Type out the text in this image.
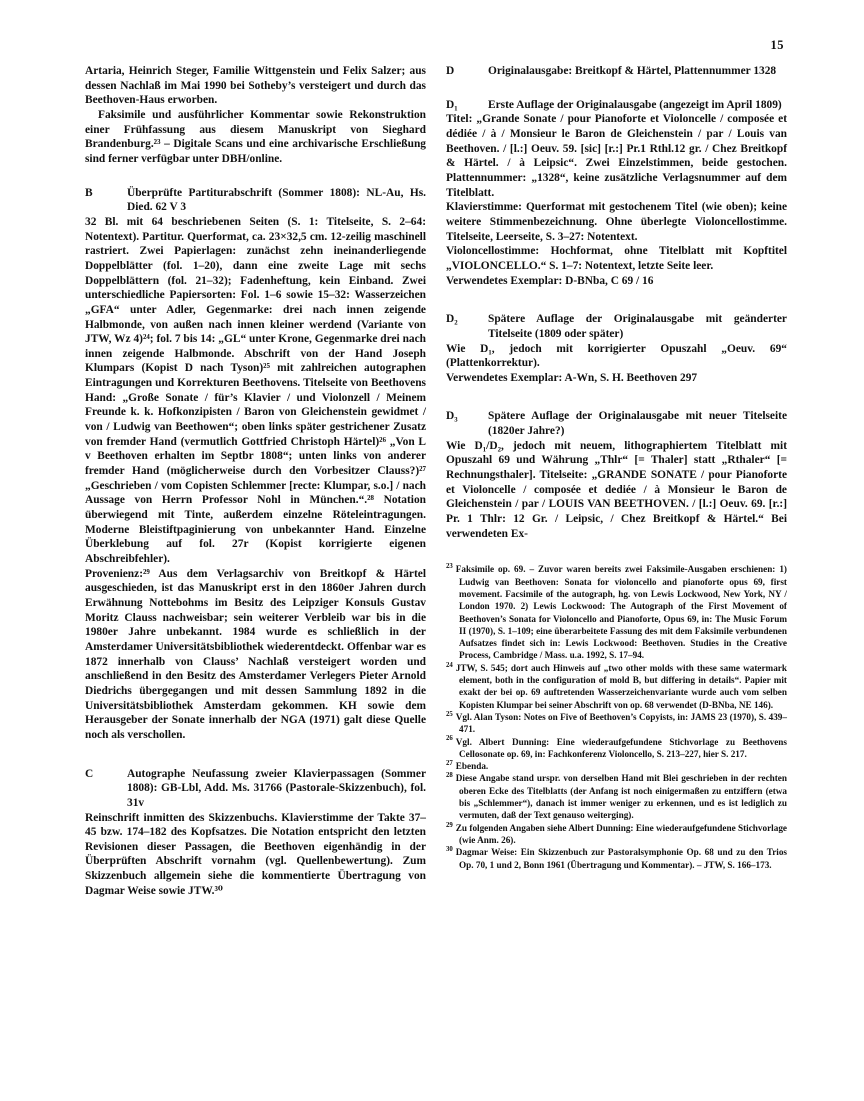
15

Artaria, Heinrich Steger, Familie Wittgenstein und Felix Salzer; aus dessen Nachlaß im Mai 1990 bei Sotheby’s versteigert und durch das Beethoven-Haus erworben.

Faksimile und ausführlicher Kommentar sowie Rekonstruktion einer Frühfassung aus diesem Manuskript von Sieghard Brandenburg.²³ – Digitale Scans und eine archivarische Erschließung sind ferner verfügbar unter DBH/online.

B	Überprüfte Partiturabschrift (Sommer 1808): NL-Au, Hs. Died. 62 V 3

32 Bl. mit 64 beschriebenen Seiten (S. 1: Titelseite, S. 2–64: Notentext). Partitur. Querformat, ca. 23×32,5 cm. 12-zeilig maschinell rastriert. Zwei Papierlagen: zunächst zehn ineinanderliegende Doppelblätter (fol. 1–20), dann eine zweite Lage mit sechs Doppelblättern (fol. 21–32); Fadenheftung, kein Einband. Zwei unterschiedliche Papiersorten: Fol. 1–6 sowie 15–32: Wasserzeichen „GFA“ unter Adler, Gegenmarke: drei nach innen zeigende Halbmonde, von außen nach innen kleiner werdend (Variante von JTW, Wz 4)²⁴; fol. 7 bis 14: „GL“ unter Krone, Gegenmarke drei nach innen zeigende Halbmonde. Abschrift von der Hand Joseph Klumpars (Kopist D nach Tyson)²⁵ mit zahlreichen autographen Eintragungen und Korrekturen Beethovens. Titelseite von Beethovens Hand: „Große Sonate / für’s Klavier / und Violonzell / Meinem Freunde k. k. Hofkonzipisten / Baron von Gleichenstein gewidmet / von / Ludwig van Beethowen“; oben links später gestrichener Zusatz von fremder Hand (vermutlich Gottfried Christoph Härtel)²⁶ „Von L v Beethoven erhalten im Septbr 1808“; unten links von anderer fremder Hand (möglicherweise durch den Vorbesitzer Clauss?)²⁷ „Geschrieben / vom Copisten Schlemmer [recte: Klumpar, s.o.] / nach Aussage von Herrn Professor Nohl in München.“.²⁸ Notation überwiegend mit Tinte, außerdem einzelne Röteleintragungen. Moderne Bleistiftpaginierung von unbekannter Hand. Einzelne Überklebung auf fol. 27r (Kopist korrigierte eigenen Abschreibfehler).

Provenienz:²⁹ Aus dem Verlagsarchiv von Breitkopf & Härtel ausgeschieden, ist das Manuskript erst in den 1860er Jahren durch Erwähnung Nottebohms im Besitz des Leipziger Konsuls Gustav Moritz Clauss nachweisbar; sein weiterer Verbleib war bis in die 1980er Jahre unbekannt. 1984 wurde es schließlich in der Amsterdamer Universitätsbibliothek wiederentdeckt. Offenbar war es 1872 innerhalb von Clauss’ Nachlaß versteigert worden und anschließend in den Besitz des Amsterdamer Verlegers Pieter Arnold Diedrichs übergegangen und mit dessen Sammlung 1892 in die Universitätsbibliothek Amsterdam gekommen. KH sowie dem Herausgeber der Sonate innerhalb der NGA (1971) galt diese Quelle noch als verschollen.

C	Autographe Neufassung zweier Klavierpassagen (Sommer 1808): GB-Lbl, Add. Ms. 31766 (Pastorale-Skizzenbuch), fol. 31v

Reinschrift inmitten des Skizzenbuchs. Klavierstimme der Takte 37–45 bzw. 174–182 des Kopfsatzes. Die Notation entspricht den letzten Revisionen dieser Passagen, die Beethoven eigenhändig in der Überprüften Abschrift vornahm (vgl. Quellenbewertung). Zum Skizzenbuch allgemein siehe die kommentierte Übertragung von Dagmar Weise sowie JTW.³⁰

D	Originalausgabe: Breitkopf & Härtel, Plattennummer 1328
D₁	Erste Auflage der Originalausgabe (angezeigt im April 1809)

Titel: „Grande Sonate / pour Pianoforte et Violoncelle / composée et dédiée / à / Monsieur le Baron de Gleichenstein / par / Louis van Beethoven. / [l.:] Oeuv. 59. [sic] [r.:] Pr.1 Rthl.12 gr. / Chez Breitkopf & Härtel. / à Leipsic“. Zwei Einzelstimmen, beide gestochen. Plattennummer: „1328“, keine zusätzliche Verlagsnummer auf dem Titelblatt.

Klavierstimme: Querformat mit gestochenem Titel (wie oben); keine weitere Stimmenbezeichnung. Ohne überlegte Violoncellostimme. Titelseite, Leerseite, S. 3–27: Notentext.

Violoncellostimme: Hochformat, ohne Titelblatt mit Kopftitel „VIOLONCELLO.“ S. 1–7: Notentext, letzte Seite leer.

Verwendetes Exemplar: D-BNba, C 69 / 16

D₂	Spätere Auflage der Originalausgabe mit geänderter Titelseite (1809 oder später)

Wie D₁, jedoch mit korrigierter Opuszahl „Oeuv. 69“ (Plattenkorrektur).

Verwendetes Exemplar: A-Wn, S. H. Beethoven 297

D₃	Spätere Auflage der Originalausgabe mit neuer Titelseite (1820er Jahre?)

Wie D₁/D₂, jedoch mit neuem, lithographiertem Titelblatt mit Opuszahl 69 und Währung „Thlr“ [= Thaler] statt „Rthaler“ [= Rechnungsthaler]. Titelseite: „GRANDE SONATE / pour Pianoforte et Violoncelle / composée et dediée / à Monsieur le Baron de Gleichenstein / par / LOUIS VAN BEETHOVEN. / [l.:] Oeuv. 69. [r.:] Pr. 1 Thlr: 12 Gr. / Leipsic, / Chez Breitkopf & Härtel.“ Bei verwendeten Ex-

$^{23}$ Faksimile op. 69. – Zuvor waren bereits zwei Faksimile-Ausgaben erschienen: 1) Ludwig van Beethoven: Sonata for violoncello and pianoforte opus 69, first movement. Facsimile of the autograph, hg. von Lewis Lockwood, New York, NY / London 1970. 2) Lewis Lockwood: The Autograph of the First Movement of Beethoven’s Sonata for Violoncello and Pianoforte, Opus 69, in: The Music Forum II (1970), S. 1–109; eine überarbeitete Fassung des mit dem Faksimile verbundenen Aufsatzes findet sich in: Lewis Lockwood: Beethoven. Studies in the Creative Process, Cambridge / Mass. u.a. 1992, S. 17–94.

$^{24}$ JTW, S. 545; dort auch Hinweis auf „two other molds with these same watermark element, both in the configuration of mold B, but differing in details“. Papier mit exakt der bei op. 69 auftretenden Wasserzeichenvariante wurde auch vom selben Kopisten Klumpar bei seiner Abschrift von op. 68 verwendet (D-BNba, NE 146).

$^{25}$ Vgl. Alan Tyson: Notes on Five of Beethoven’s Copyists, in: JAMS 23 (1970), S. 439–471.

$^{26}$ Vgl. Albert Dunning: Eine wiederaufgefundene Stichvorlage zu Beethovens Cellosonate op. 69, in: Fachkonferenz Violoncello, S. 213–227, hier S. 217.

$^{27}$ Ebenda.

$^{28}$ Diese Angabe stand urspr. von derselben Hand mit Blei geschrieben in der rechten oberen Ecke des Titelblatts (der Anfang ist noch einigermaßen zu entziffern (etwa bis „Schlemmer“), danach ist immer weniger zu erkennen, und es ist lediglich zu vermuten, daß der Text genauso weiterging).

$^{29}$ Zu folgenden Angaben siehe Albert Dunning: Eine wiederaufgefundene Stichvorlage (wie Anm. 26).

$^{30}$ Dagmar Weise: Ein Skizzenbuch zur Pastoralsymphonie Op. 68 und zu den Trios Op. 70, 1 und 2, Bonn 1961 (Übertragung und Kommentar). – JTW, S. 166–173.
